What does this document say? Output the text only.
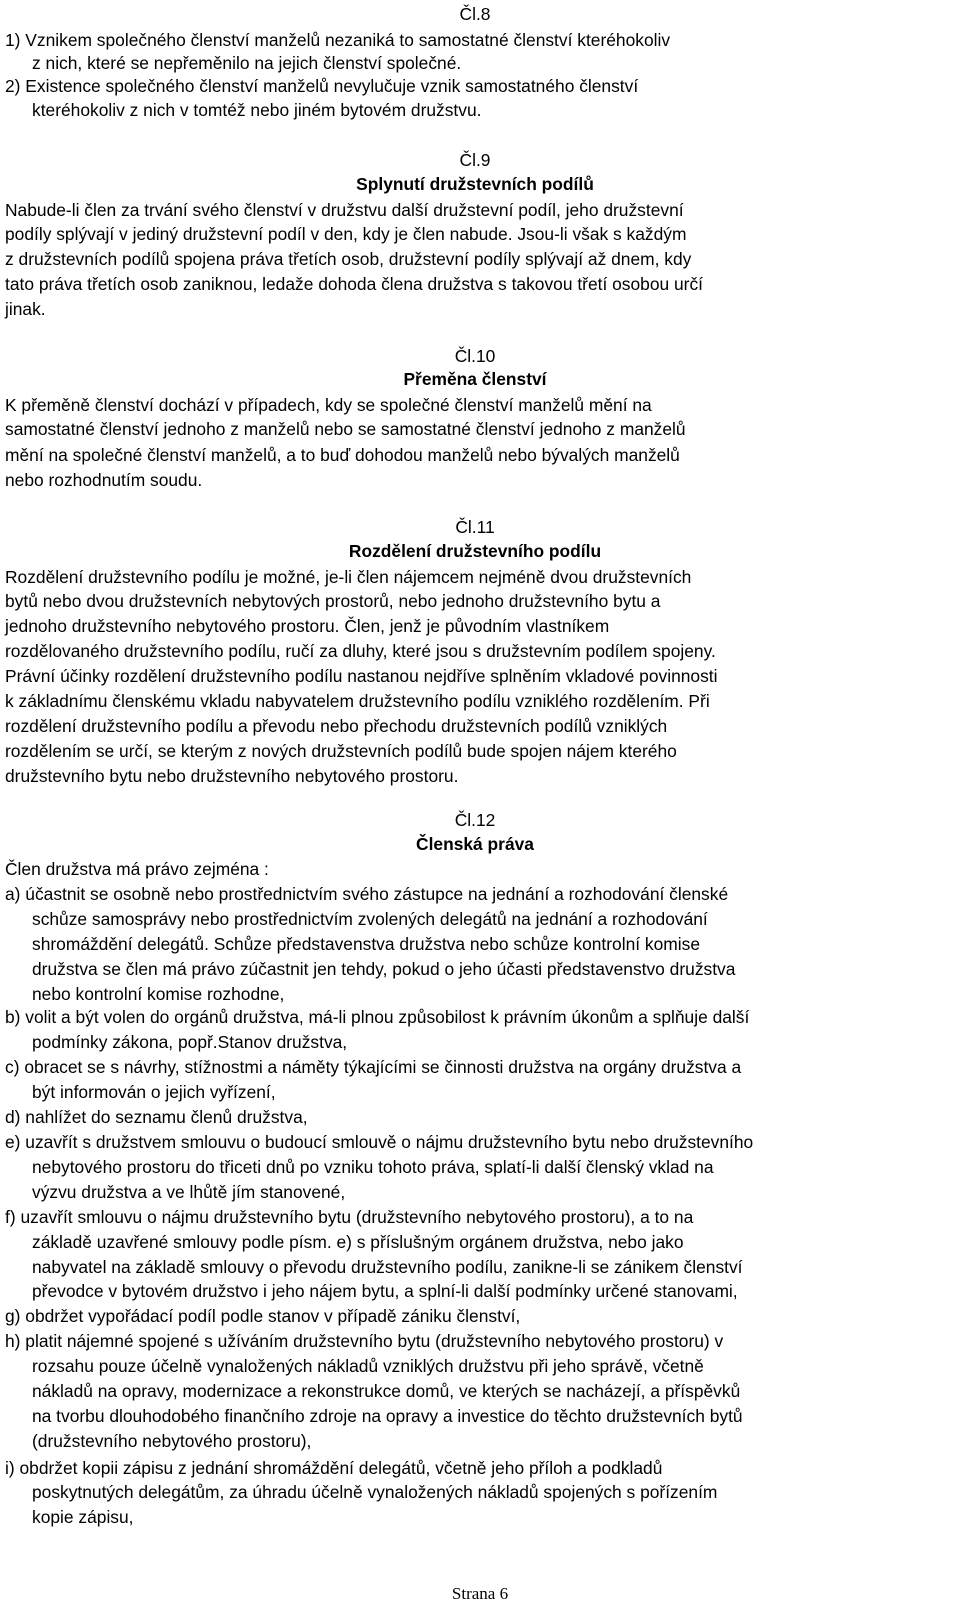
Čl.8
1) Vznikem společného členství manželů nezaniká to samostatné členství kteréhokoliv
z nich, které se nepřeměnilo na jejich členství společné.
2) Existence společného členství manželů nevylučuje vznik samostatného členství
kteréhokoliv z nich v tomtéž nebo jiném bytovém družstvu.
Čl.9
Splynutí družstevních podílů
Nabude-li člen za trvání svého členství v družstvu další družstevní podíl, jeho družstevní
podíly splývají v jediný družstevní podíl v den, kdy je člen nabude. Jsou-li však s každým
z družstevních podílů spojena práva třetích osob, družstevní podíly splývají až dnem, kdy
tato práva třetích osob zaniknou, ledaže dohoda člena družstva s takovou třetí osobou určí
jinak.
Čl.10
Přeměna členství
K přeměně členství dochází v případech, kdy se společné členství manželů mění na
samostatné členství jednoho z manželů nebo se samostatné členství jednoho z manželů
mění na společné členství manželů, a to buď dohodou manželů nebo bývalých manželů
nebo rozhodnutím soudu.
Čl.11
Rozdělení družstevního podílu
Rozdělení družstevního podílu je možné, je-li člen nájemcem nejméně dvou družstevních
bytů nebo dvou družstevních nebytových prostorů, nebo jednoho družstevního bytu a
jednoho družstevního nebytového prostoru. Člen, jenž je původním vlastníkem
rozdělovaného družstevního podílu, ručí za dluhy, které jsou s družstevním podílem spojeny.
Právní účinky rozdělení družstevního podílu nastanou nejdříve splněním vkladové povinnosti
k základnímu členskému vkladu nabyvatelem družstevního podílu vzniklého rozdělením. Při
rozdělení družstevního podílu a převodu nebo přechodu družstevních podílů vzniklých
rozdělením se určí, se kterým z nových družstevních podílů bude spojen nájem kterého
družstevního bytu nebo družstevního nebytového prostoru.
Čl.12
Členská práva
Člen družstva má právo zejména :
a) účastnit se osobně nebo prostřednictvím svého zástupce na jednání a rozhodování členské
schůze samosprávy nebo prostřednictvím zvolených delegátů na jednání a rozhodování
shromáždění delegátů. Schůze představenstva družstva nebo schůze kontrolní komise
družstva se člen má právo zúčastnit jen tehdy, pokud o jeho účasti představenstvo družstva
nebo kontrolní komise rozhodne,
b) volit a být volen do orgánů družstva, má-li plnou způsobilost k právním úkonům a splňuje další
podmínky zákona, popř.Stanov družstva,
c) obracet se s návrhy, stížnostmi a náměty týkajícími se činnosti družstva na orgány družstva a
být informován o jejich vyřízení,
d) nahlížet do seznamu členů družstva,
e) uzavřít s družstvem smlouvu o budoucí smlouvě o nájmu družstevního bytu nebo družstevního
nebytového prostoru do třiceti dnů po vzniku tohoto práva, splatí-li další členský vklad na
výzvu družstva a ve lhůtě jím stanovené,
f) uzavřít smlouvu o nájmu družstevního bytu (družstevního nebytového prostoru), a to na
základě uzavřené smlouvy podle písm. e) s příslušným orgánem družstva, nebo jako
nabyvatel na základě smlouvy o převodu družstevního podílu, zanikne-li se zánikem členství
převodce v bytovém družstvo i jeho nájem bytu, a splní-li další podmínky určené stanovami,
g) obdržet vypořádací podíl podle stanov v případě zániku členství,
h) platit nájemné spojené s užíváním družstevního bytu (družstevního nebytového prostoru) v
rozsahu pouze účelně vynaložených nákladů vzniklých družstvu při jeho správě, včetně
nákladů na opravy, modernizace a rekonstrukce domů, ve kterých se nacházejí, a příspěvků
na tvorbu dlouhodobého finančního zdroje na opravy a investice do těchto družstevních bytů
(družstevního nebytového prostoru),
i) obdržet kopii zápisu z jednání shromáždění delegátů, včetně jeho příloh a podkladů
poskytnutých delegátům, za úhradu účelně vynaložených nákladů spojených s pořízením
kopie zápisu,
Strana 6
